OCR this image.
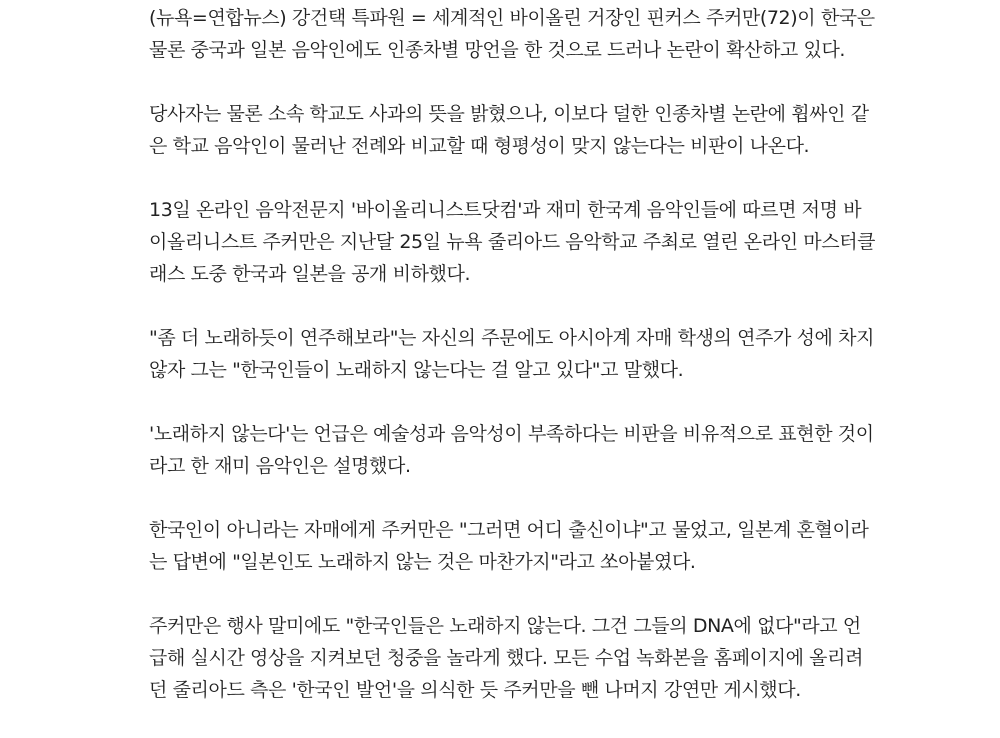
(뉴욕=연합뉴스) 강건택 특파원 = 세계적인 바이올린 거장인 핀커스 주커만(72)이 한국은
물론 중국과 일본 음악인에도 인종차별 망언을 한 것으로 드러나 논란이 확산하고 있다.

당사자는 물론 소속 학교도 사과의 뜻을 밝혔으나, 이보다 덜한 인종차별 논란에 휩싸인 같
은 학교 음악인이 물러난 전례와 비교할 때 형평성이 맞지 않는다는 비판이 나온다.

13일 온라인 음악전문지 '바이올리니스트닷컴'과 재미 한국계 음악인들에 따르면 저명 바
이올리니스트 주커만은 지난달 25일 뉴욕 줄리아드 음악학교 주최로 열린 온라인 마스터클
래스 도중 한국과 일본을 공개 비하했다.

"좀 더 노래하듯이 연주해보라"는 자신의 주문에도 아시아계 자매 학생의 연주가 성에 차지
않자 그는 "한국인들이 노래하지 않는다는 걸 알고 있다"고 말했다.

'노래하지 않는다'는 언급은 예술성과 음악성이 부족하다는 비판을 비유적으로 표현한 것이
라고 한 재미 음악인은 설명했다.

한국인이 아니라는 자매에게 주커만은 "그러면 어디 출신이냐"고 물었고, 일본계 혼혈이라
는 답변에 "일본인도 노래하지 않는 것은 마찬가지"라고 쏘아붙였다.

주커만은 행사 말미에도 "한국인들은 노래하지 않는다. 그건 그들의 DNA에 없다"라고 언
급해 실시간 영상을 지켜보던 청중을 놀라게 했다. 모든 수업 녹화본을 홈페이지에 올리려
던 줄리아드 측은 '한국인 발언'을 의식한 듯 주커만을 뺀 나머지 강연만 게시했다.
